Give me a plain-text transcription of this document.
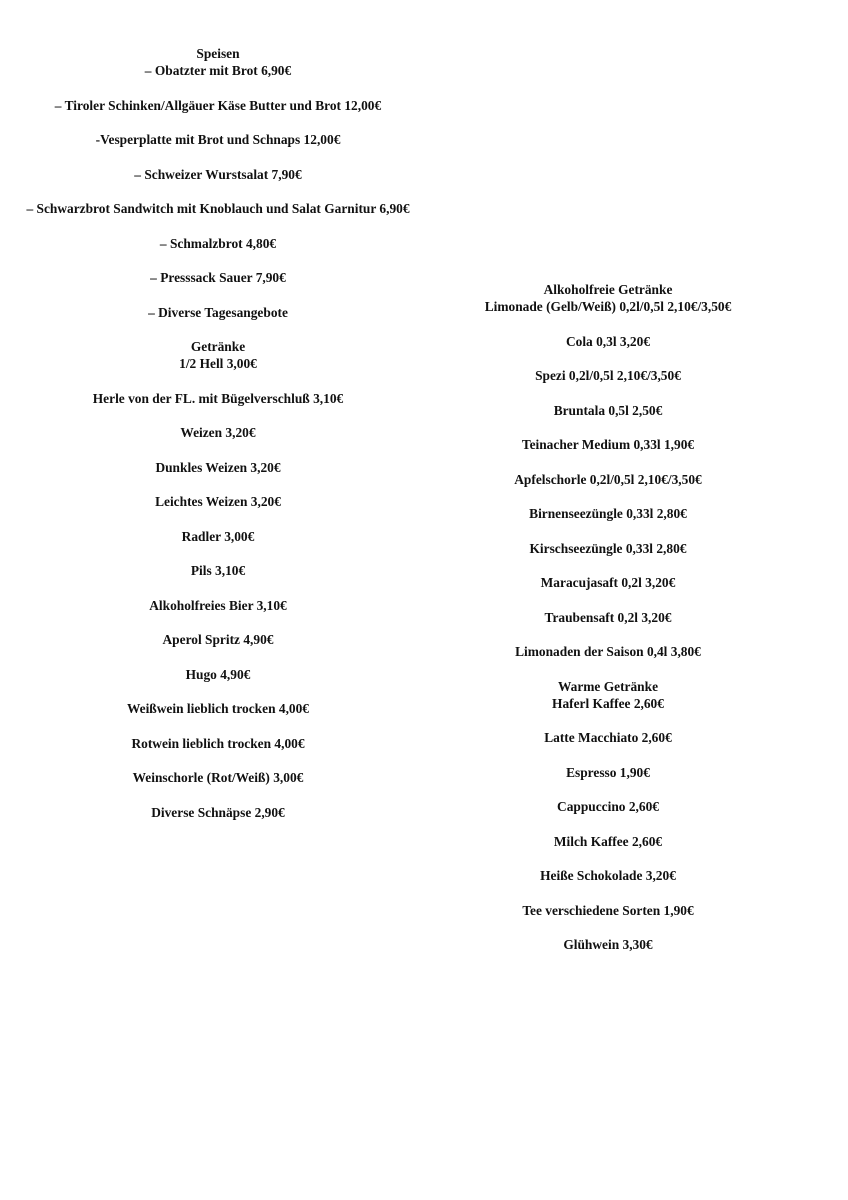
Speisen
– Obatzter mit Brot 6,90€
– Tiroler Schinken/Allgäuer Käse Butter und Brot 12,00€
-Vesperplatte mit Brot und Schnaps 12,00€
– Schweizer Wurstsalat 7,90€
– Schwarzbrot Sandwitch mit Knoblauch und Salat Garnitur 6,90€
– Schmalzbrot 4,80€
– Presssack Sauer 7,90€
– Diverse Tagesangebote
Getränke
1/2 Hell 3,00€
Herle von der FL. mit Bügelverschluß 3,10€
Weizen 3,20€
Dunkles Weizen 3,20€
Leichtes Weizen 3,20€
Radler 3,00€
Pils 3,10€
Alkoholfreies Bier 3,10€
Aperol Spritz 4,90€
Hugo 4,90€
Weißwein lieblich trocken 4,00€
Rotwein lieblich trocken 4,00€
Weinschorle (Rot/Weiß) 3,00€
Diverse Schnäpse 2,90€
Alkoholfreie Getränke
Limonade (Gelb/Weiß) 0,2l/0,5l 2,10€/3,50€
Cola 0,3l 3,20€
Spezi 0,2l/0,5l 2,10€/3,50€
Bruntala 0,5l 2,50€
Teinacher Medium 0,33l 1,90€
Apfelschorle 0,2l/0,5l 2,10€/3,50€
Birnenseezüngle 0,33l 2,80€
Kirschseezüngle 0,33l 2,80€
Maracujasaft 0,2l 3,20€
Traubensaft 0,2l 3,20€
Limonaden der Saison 0,4l 3,80€
Warme Getränke
Haferl Kaffee 2,60€
Latte Macchiato 2,60€
Espresso 1,90€
Cappuccino 2,60€
Milch Kaffee 2,60€
Heiße Schokolade 3,20€
Tee verschiedene Sorten 1,90€
Glühwein 3,30€
